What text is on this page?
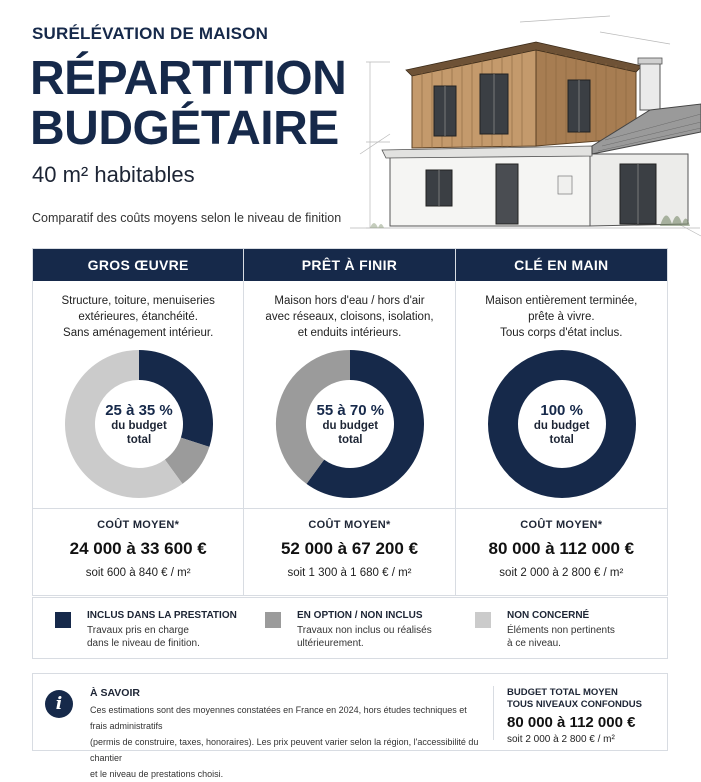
SURÉLÉVATION DE MAISON
RÉPARTITION
BUDGÉTAIRE
40 m² habitables
Comparatif des coûts moyens selon le niveau de finition
GROS ŒUVRE
Structure, toiture, menuiseries
extérieures, étanchéité.
Sans aménagement intérieur.
25 à 35 %
du budget
total
COÛT MOYEN*
24 000 à 33 600 €
soit 600 à 840 € / m²
PRÊT À FINIR
Maison hors d'eau / hors d'air
avec réseaux, cloisons, isolation,
et enduits intérieurs.
55 à 70 %
du budget
total
COÛT MOYEN*
52 000 à 67 200 €
soit 1 300 à 1 680 € / m²
CLÉ EN MAIN
Maison entièrement terminée,
prête à vivre.
Tous corps d'état inclus.
100 %
du budget
total
COÛT MOYEN*
80 000 à 112 000 €
soit 2 000 à 2 800 € / m²
INCLUS DANS LA PRESTATION
Travaux pris en charge
dans le niveau de finition.
EN OPTION / NON INCLUS
Travaux non inclus ou réalisés
ultérieurement.
NON CONCERNÉ
Éléments non pertinents
à ce niveau.
i
À SAVOIR
Ces estimations sont des moyennes constatées en France en 2024, hors études techniques et frais administratifs
(permis de construire, taxes, honoraires). Les prix peuvent varier selon la région, l'accessibilité du chantier
et le niveau de prestations choisi.
BUDGET TOTAL MOYEN
TOUS NIVEAUX CONFONDUS
80 000 à 112 000 €
soit 2 000 à 2 800 € / m²
